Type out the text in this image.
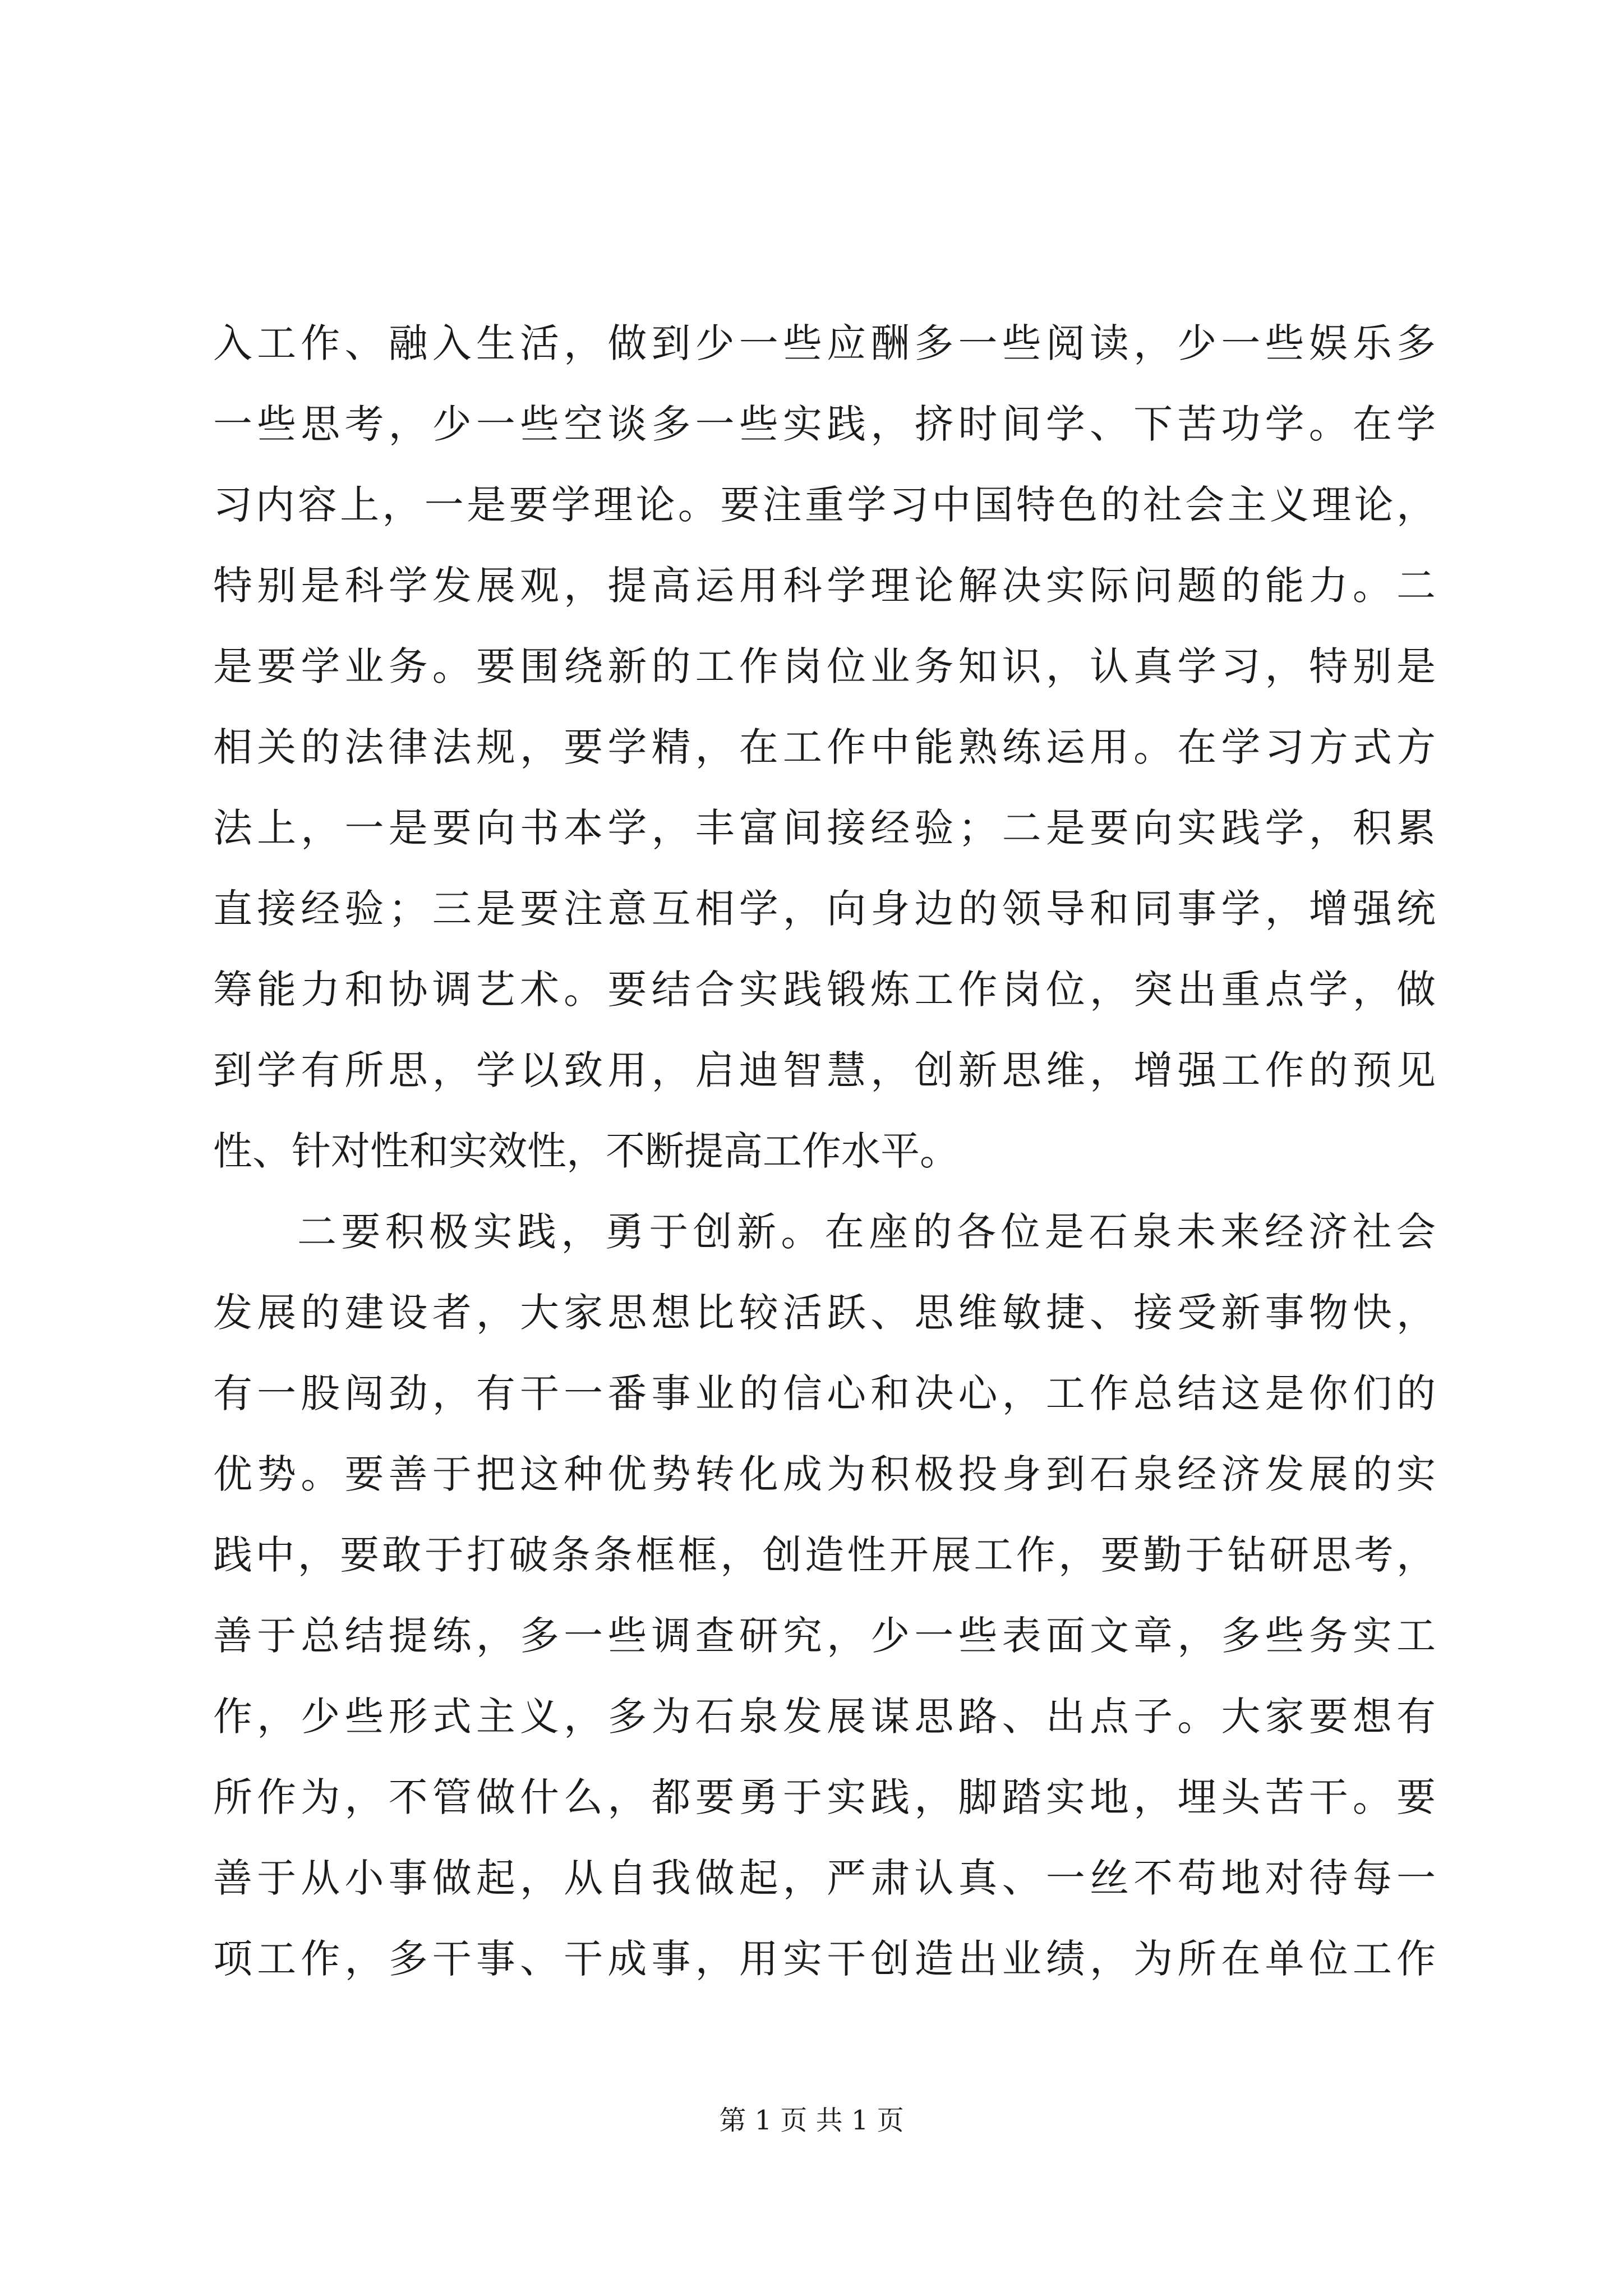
入工作、融入生活，做到少一些应酬多一些阅读，少一些娱乐多
一些思考，少一些空谈多一些实践，挤时间学、下苦功学。在学
习内容上，一是要学理论。要注重学习中国特色的社会主义理论，
特别是科学发展观，提高运用科学理论解决实际问题的能力。二
是要学业务。要围绕新的工作岗位业务知识，认真学习，特别是
相关的法律法规，要学精，在工作中能熟练运用。在学习方式方
法上，一是要向书本学，丰富间接经验；二是要向实践学，积累
直接经验；三是要注意互相学，向身边的领导和同事学，增强统
筹能力和协调艺术。要结合实践锻炼工作岗位，突出重点学，做
到学有所思，学以致用，启迪智慧，创新思维，增强工作的预见
性、针对性和实效性，不断提高工作水平。
二要积极实践，勇于创新。在座的各位是石泉未来经济社会
发展的建设者，大家思想比较活跃、思维敏捷、接受新事物快，
有一股闯劲，有干一番事业的信心和决心，工作总结这是你们的
优势。要善于把这种优势转化成为积极投身到石泉经济发展的实
践中，要敢于打破条条框框，创造性开展工作，要勤于钻研思考，
善于总结提练，多一些调查研究，少一些表面文章，多些务实工
作，少些形式主义，多为石泉发展谋思路、出点子。大家要想有
所作为，不管做什么，都要勇于实践，脚踏实地，埋头苦干。要
善于从小事做起，从自我做起，严肃认真、一丝不苟地对待每一
项工作，多干事、干成事，用实干创造出业绩，为所在单位工作
第 1 页 共 1 页
